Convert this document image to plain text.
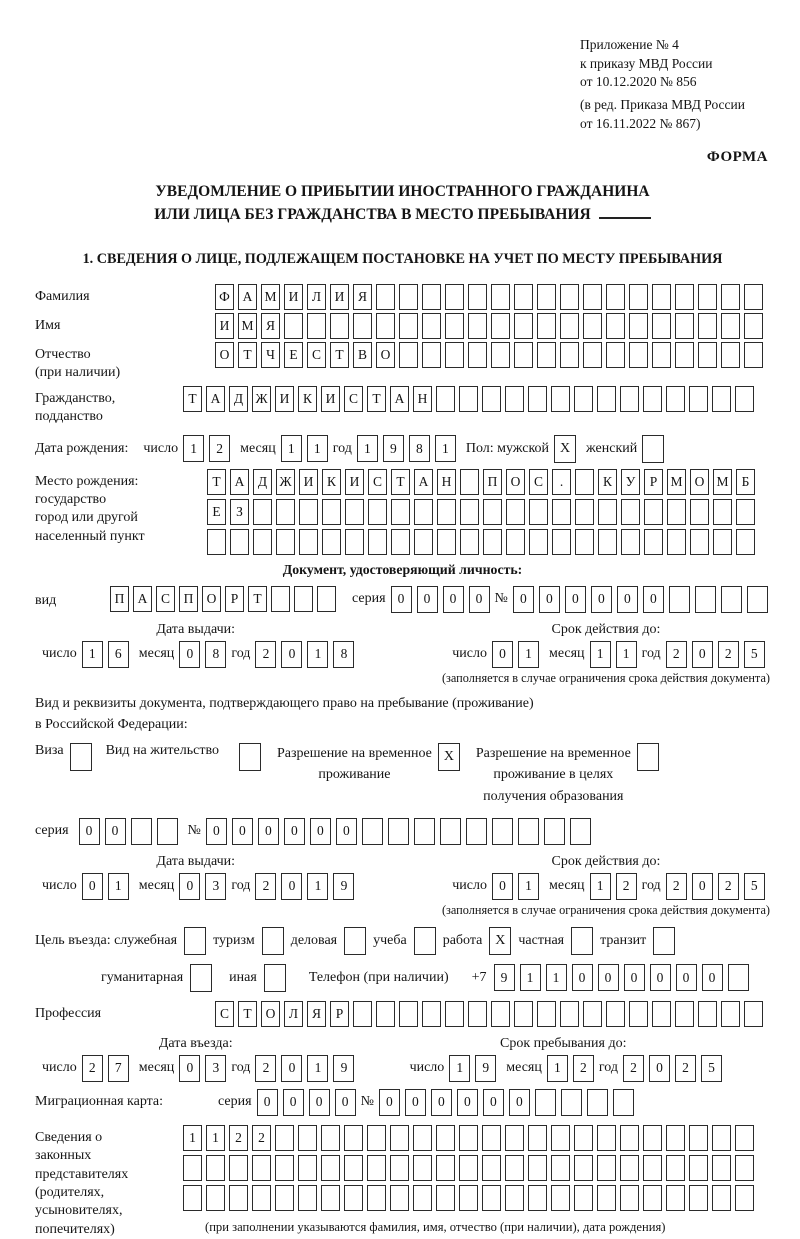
Приложение № 4
к приказу МВД России
от 10.12.2020 № 856
(в ред. Приказа МВД России
от 16.11.2022 № 867)
ФОРМА
УВЕДОМЛЕНИЕ О ПРИБЫТИИ ИНОСТРАННОГО ГРАЖДАНИНА
ИЛИ ЛИЦА БЕЗ ГРАЖДАНСТВА В МЕСТО ПРЕБЫВАНИЯ
1. СВЕДЕНИЯ О ЛИЦЕ, ПОДЛЕЖАЩЕМ ПОСТАНОВКЕ НА УЧЕТ ПО МЕСТУ ПРЕБЫВАНИЯ
Фамилия	Ф А М И	Л	И	Я
Имя	И М Я
Отчество
(при наличии)
О	Т	Ч	Е	С	Т	В	О
Гражданство,
подданство
Т	А	Д Ж И	К	И	С	Т	А Н
Дата рождения: число 1	2	месяц 1	1 год 1	9	8	1	Пол: мужской X	женский
Место рождения:
государство
город или другой
населенный пункт
Т	А	Д Ж И	К	И	С	Т	А Н	П О	С	.	К	У	Р М О М Б
Е	З
Документ, удостоверяющий личность:
вид	П А	С	П О	Р	Т	серия 0	0	0	0 № 0	0	0	0	0	0
Дата выдачи:
число 1	6	месяц 0	8 год 2	0	1	8
Срок действия до:
число 0	1	месяц 1	1 год 2	0	2	5
(заполняется в случае ограничения срока действия документа)
Вид и реквизиты документа, подтверждающего право на пребывание (проживание)
в Российской Федерации:
Виза	Вид на жительство	Разрешение на временное
проживание
X	Разрешение на временное
проживание в целях
получения образования
серия	0	0	№ 0	0	0	0	0	0
Дата выдачи:
число 0	1	месяц 0	3 год 2	0	1	9
Срок действия до:
число 0	1	месяц 1	2 год 2	0	2	5
(заполняется в случае ограничения срока действия документа)
Цель въезда: служебная	туризм	деловая	учеба	работа X частная	транзит
гуманитарная	иная	Телефон (при наличии) +7	9	1	1	0	0	0	0	0	0
Профессия	С	Т	О	Л	Я	Р
Дата въезда:
число 2	7	месяц 0	3 год 2	0	1	9
Срок пребывания до:
число 1	9	месяц 1	2 год 2	0	2	5
Миграционная карта:	серия 0	0	0	0 № 0	0	0	0	0	0
Сведения о
законных
представителях
(родителях,
усыновителях,
попечителях)
1	1	2	2
(при заполнении указываются фамилия, имя, отчество (при наличии), дата рождения)
